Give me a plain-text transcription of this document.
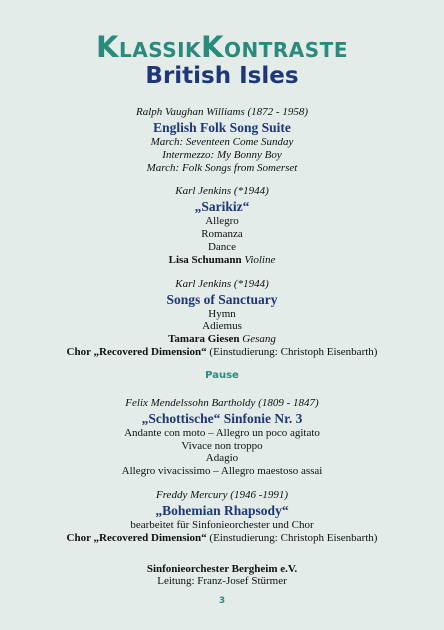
KlassikKontraste
British Isles
Ralph Vaughan Williams (1872 - 1958)
English Folk Song Suite
March: Seventeen Come Sunday
Intermezzo: My Bonny Boy
March: Folk Songs from Somerset
Karl Jenkins (*1944)
„Sarikiz“
Allegro
Romanza
Dance
Lisa Schumann Violine
Karl Jenkins (*1944)
Songs of Sanctuary
Hymn
Adiemus
Tamara Giesen Gesang
Chor „Recovered Dimension“ (Einstudierung: Christoph Eisenbarth)
Pause
Felix Mendelssohn Bartholdy (1809 - 1847)
„Schottische“ Sinfonie Nr. 3
Andante con moto – Allegro un poco agitato
Vivace non troppo
Adagio
Allegro vivacissimo – Allegro maestoso assai
Freddy Mercury (1946 -1991)
„Bohemian Rhapsody“
bearbeitet für Sinfonieorchester und Chor
Chor „Recovered Dimension“ (Einstudierung: Christoph Eisenbarth)
Sinfonieorchester Bergheim e.V.
Leitung: Franz-Josef Stürmer
3
